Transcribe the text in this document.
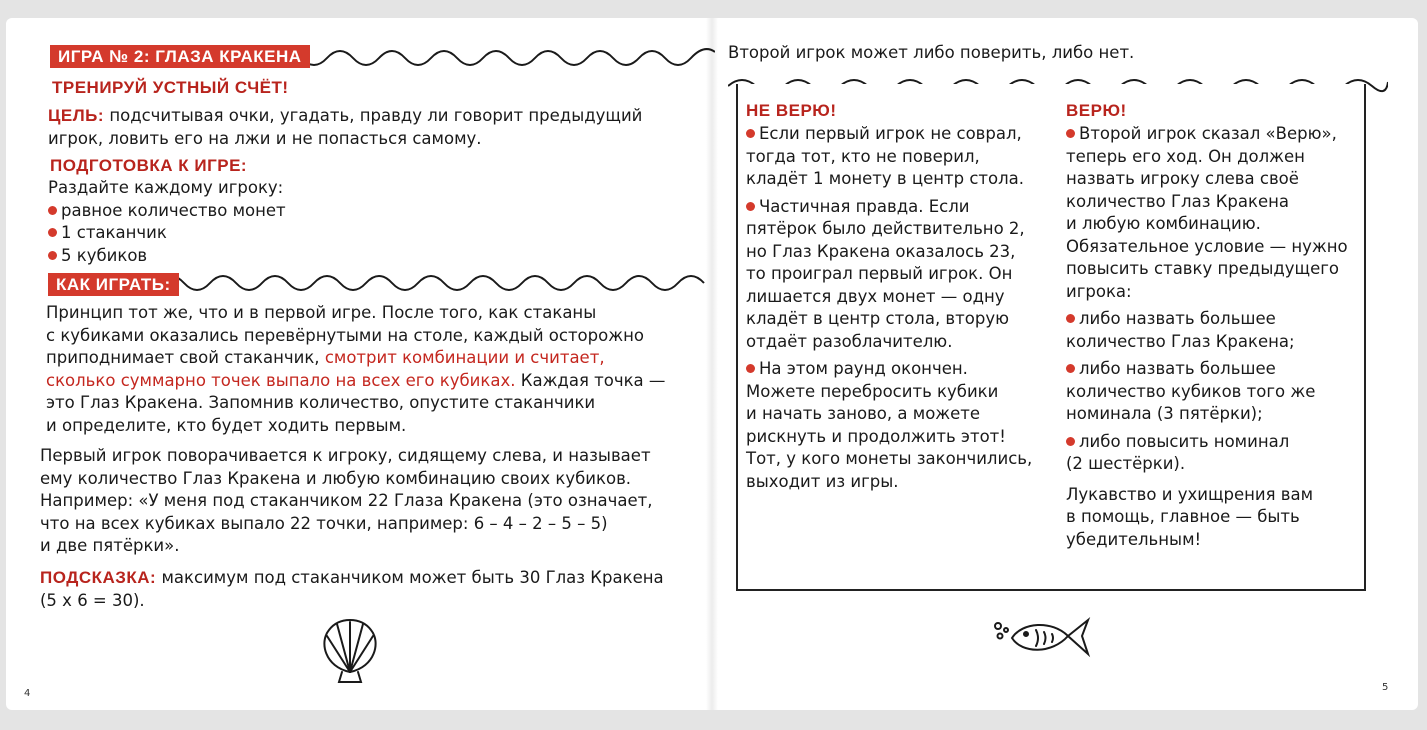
ИГРА № 2: ГЛАЗА КРАКЕНА
ТРЕНИРУЙ УСТНЫЙ СЧЁТ!
ЦЕЛЬ: подсчитывая очки, угадать, правду ли говорит предыдущий
игрок, ловить его на лжи и не попасться самому.
ПОДГОТОВКА К ИГРЕ:
Раздайте каждому игроку:
равное количество монет
1 стаканчик
5 кубиков
КАК ИГРАТЬ:
Принцип тот же, что и в первой игре. После того, как стаканы
с кубиками оказались перевёрнутыми на столе, каждый осторожно
приподнимает свой стаканчик, смотрит комбинации и считает,
сколько суммарно точек выпало на всех его кубиках. Каждая точка —
это Глаз Кракена. Запомнив количество, опустите стаканчики
и определите, кто будет ходить первым.
Первый игрок поворачивается к игроку, сидящему слева, и называет
ему количество Глаз Кракена и любую комбинацию своих кубиков.
Например: «У меня под стаканчиком 22 Глаза Кракена (это означает,
что на всех кубиках выпало 22 точки, например: 6 – 4 – 2 – 5 – 5)
и две пятёрки».
ПОДСКАЗКА: максимум под стаканчиком может быть 30 Глаз Кракена
(5 х 6 = 30).
4
Второй игрок может либо поверить, либо нет.
НЕ ВЕРЮ!
Если первый игрок не соврал,
тогда тот, кто не поверил,
кладёт 1 монету в центр стола.
Частичная правда. Если
пятёрок было действительно 2,
но Глаз Кракена оказалось 23,
то проиграл первый игрок. Он
лишается двух монет — одну
кладёт в центр стола, вторую
отдаёт разоблачителю.
На этом раунд окончен.
Можете перебросить кубики
и начать заново, а можете
рискнуть и продолжить этот!
Тот, у кого монеты закончились,
выходит из игры.
ВЕРЮ!
Второй игрок сказал «Верю»,
теперь его ход. Он должен
назвать игроку слева своё
количество Глаз Кракена
и любую комбинацию.
Обязательное условие — нужно
повысить ставку предыдущего
игрока:
либо назвать большее
количество Глаз Кракена;
либо назвать большее
количество кубиков того же
номинала (3 пятёрки);
либо повысить номинал
(2 шестёрки).
Лукавство и ухищрения вам
в помощь, главное — быть
убедительным!
5
